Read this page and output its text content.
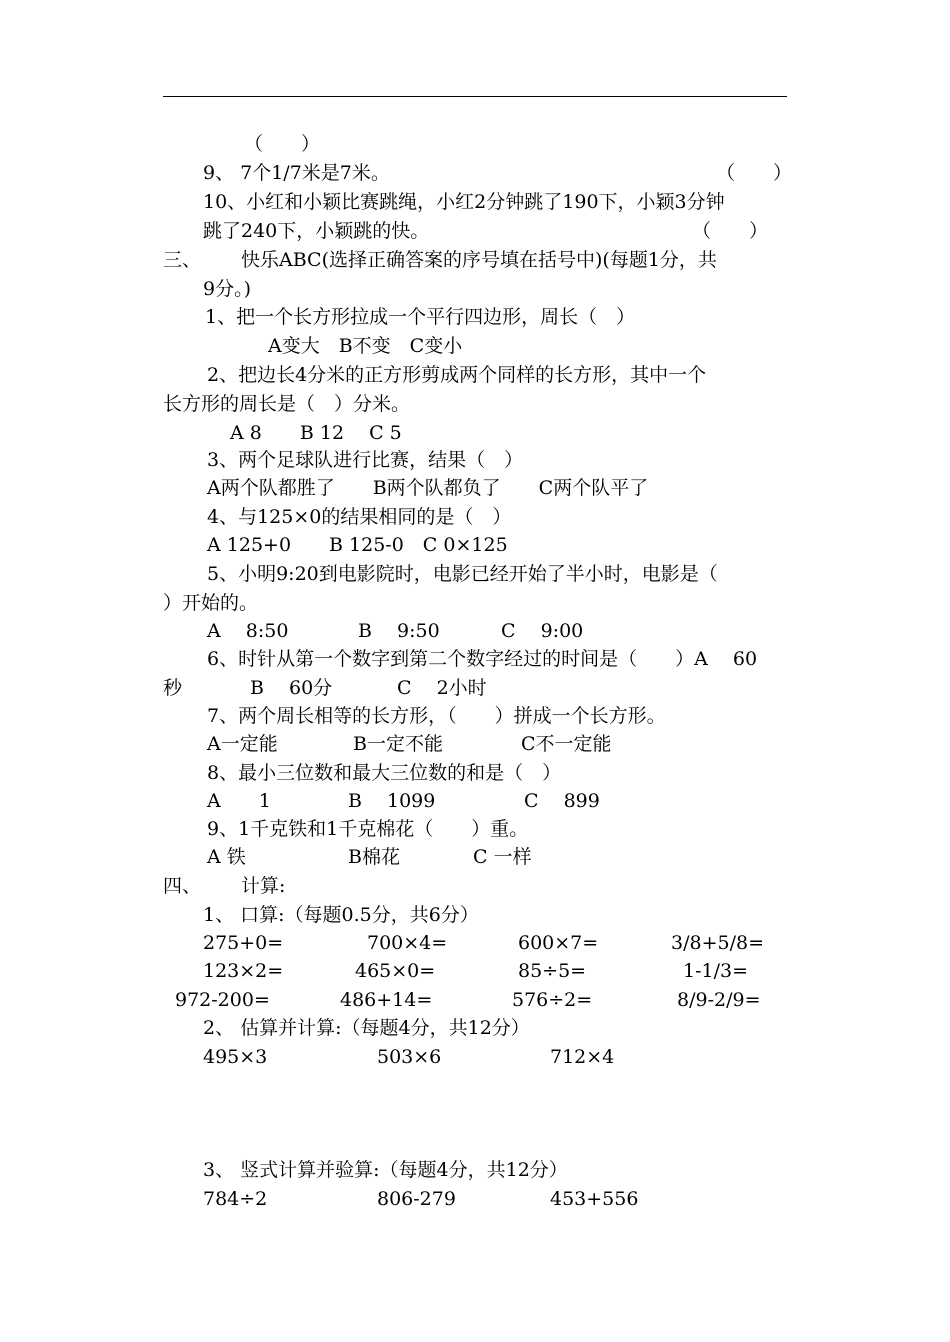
（　　）
9、 7个1/7米是7米。	（　　）
10、小红和小颖比赛跳绳，小红2分钟跳了190下，小颖3分钟
跳了240下，小颖跳的快。	（　　）
三、 快乐ABC(选择正确答案的序号填在括号中)(每题1分，共
9分。)
1、把一个长方形拉成一个平行四边形，周长（　）
A变大　B不变　C变小
2、把边长4分米的正方形剪成两个同样的长方形，其中一个
长方形的周长是（　）分米。
A 8　　B 12　 C 5
3、两个足球队进行比赛，结果（　）
A两个队都胜了　　B两个队都负了　　C两个队平了
4、与125×0的结果相同的是（　）
A 125+0　　B 125-0　C 0×125
5、小明9:20到电影院时，电影已经开始了半小时，电影是（
）开始的。
A　 8:50	B　 9:50	C　 9:00
6、时针从第一个数字到第二个数字经过的时间是（　　）A　 60
秒	B　 60分	C　 2小时
7、两个周长相等的长方形，（　　）拼成一个长方形。
A一定能	B一定不能	C不一定能
8、最小三位数和最大三位数的和是（　）
A　　1	B　 1099	C　 899
9、1千克铁和1千克棉花（　　）重。
A 铁	B棉花	C 一样
四、 计算:
1、 口算:（每题0.5分，共6分）
275+0=	700×4=	600×7=	3/8+5/8=
123×2=	465×0=	85÷5=	1-1/3=
972-200=	486+14=	576÷2=	8/9-2/9=
2、 估算并计算:（每题4分，共12分）
495×3	503×6	712×4
3、 竖式计算并验算:（每题4分，共12分）
784÷2	806-279	453+556
